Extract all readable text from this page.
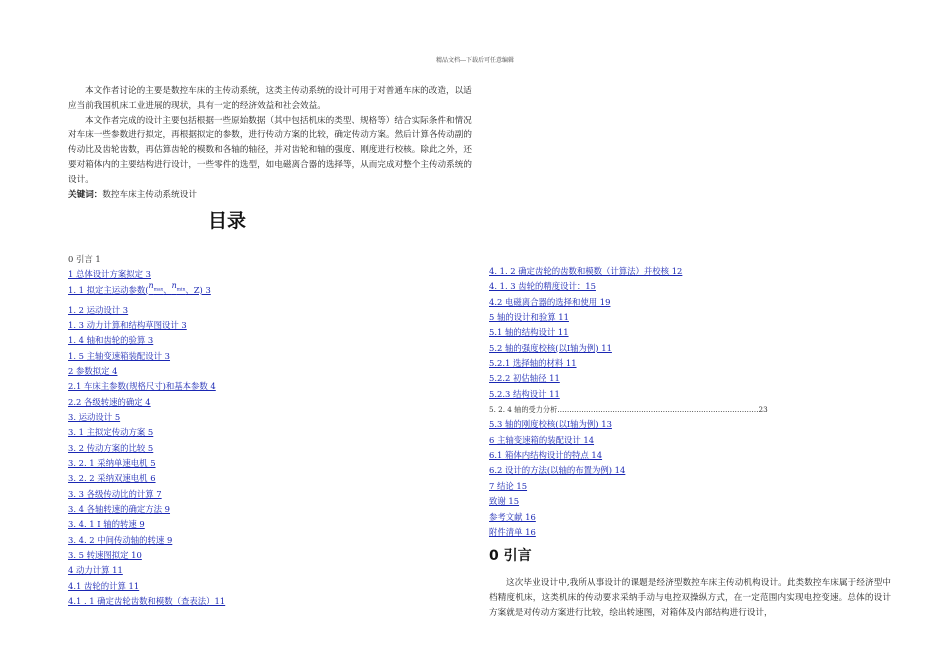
精品文档---下载后可任意编辑

本文作者讨论的主要是数控车床的主传动系统，这类主传动系统的设计可用于对普通车床的改造，以适应当前我国机床工业进展的现状，具有一定的经济效益和社会效益。

本文作者完成的设计主要包括根据一些原始数据（其中包括机床的类型、规格等）结合实际条件和情况对车床一些参数进行拟定，再根据拟定的参数，进行传动方案的比较，确定传动方案。然后计算各传动副的传动比及齿轮齿数，再估算齿轮的模数和各轴的轴径，并对齿轮和轴的强度、刚度进行校核。除此之外，还要对箱体内的主要结构进行设计，一些零件的选型，如电磁离合器的选择等，从而完成对整个主传动系统的设计。

关键词：数控车床主传动系统设计

目录
0 引言 1
1 总体设计方案拟定 3
1. 1 拟定主运动参数($n_{max}$、$n_{min}$、Z) 3
1. 2 运动设计 3
1. 3 动力计算和结构草图设计 3
1. 4 轴和齿轮的验算 3
1. 5 主轴变速箱装配设计 3
2 参数拟定 4
2.1 车床主参数(规格尺寸)和基本参数 4
2.2 各级转速的确定 4
3. 运动设计 5
3. 1 主拟定传动方案 5
3. 2 传动方案的比较 5
3. 2. 1 采纳单速电机 5
3. 2. 2 采纳双速电机 6
3. 3 各级传动比的计算 7
3. 4 各轴转速的确定方法 9
3. 4. 1 Ⅰ 轴的转速 9
3. 4. 2 中间传动轴的转速 9
3. 5 转速图拟定 10
4 动力计算 11
4.1 齿轮的计算 11
4.1 . 1 确定齿轮齿数和模数（查表法）11
4. 1. 2 确定齿轮的齿数和模数（计算法）并校核 12
4. 1. 3 齿轮的精度设计：15
4.2 电磁离合器的选择和使用 19
5 轴的设计和验算 11
5.1 轴的结构设计 11
5.2 轴的强度校核(以Ⅰ轴为例) 11
5.2.1 选择轴的材料 11
5.2.2 初估轴径 11
5.2.3 结构设计 11
5. 2. 4 轴的受力分析…………………………………………………………………………23
5.3 轴的刚度校核(以Ⅰ轴为例) 13
6 主轴变速箱的装配设计 14
6.1 箱体内结构设计的特点 14
6.2 设计的方法(以轴的布置为例) 14
7 结论 15
致谢 15
参考文献 16
附件清单 16
0 引言

这次毕业设计中,我所从事设计的课题是经济型数控车床主传动机构设计。此类数控车床属于经济型中档精度机床，这类机床的传动要求采纳手动与电控双操纵方式，在一定范围内实现电控变速。总体的设计方案就是对传动方案进行比较，绘出转速图，对箱体及内部结构进行设计，
